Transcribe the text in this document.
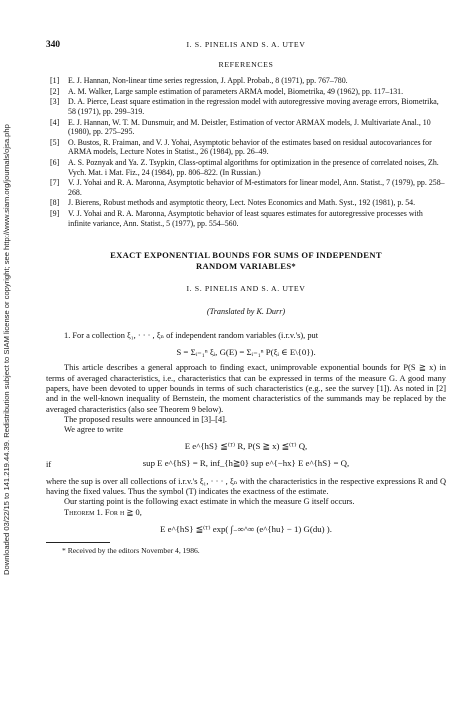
Downloaded 03/22/15 to 141.219.44.39. Redistribution subject to SIAM license or copyright; see http://www.siam.org/journals/ojsa.php
340	I. S. PINELIS AND S. A. UTEV
REFERENCES
[1] E. J. Hannan, Non-linear time series regression, J. Appl. Probab., 8 (1971), pp. 767–780.
[2] A. M. Walker, Large sample estimation of parameters ARMA model, Biometrika, 49 (1962), pp. 117–131.
[3] D. A. Pierce, Least square estimation in the regression model with autoregressive moving average errors, Biometrika, 58 (1971), pp. 299–319.
[4] E. J. Hannan, W. T. M. Dunsmuir, and M. Deistler, Estimation of vector ARMAX models, J. Multivariate Anal., 10 (1980), pp. 275–295.
[5] O. Bustos, R. Fraiman, and V. J. Yohai, Asymptotic behavior of the estimates based on residual autocovariances for ARMA models, Lecture Notes in Statist., 26 (1984), pp. 26–49.
[6] A. S. Poznyak and Ya. Z. Tsypkin, Class-optimal algorithms for optimization in the presence of correlated noises, Zh. Vych. Mat. i Mat. Fiz., 24 (1984), pp. 806–822. (In Russian.)
[7] V. J. Yohai and R. A. Maronna, Asymptotic behavior of M-estimators for linear model, Ann. Statist., 7 (1979), pp. 258–268.
[8] J. Bierens, Robust methods and asymptotic theory, Lect. Notes Economics and Math. Syst., 192 (1981), p. 54.
[9] V. J. Yohai and R. A. Maronna, Asymptotic behavior of least squares estimates for autoregressive processes with infinite variance, Ann. Statist., 5 (1977), pp. 554–560.
EXACT EXPONENTIAL BOUNDS FOR SUMS OF INDEPENDENT
RANDOM VARIABLES*
I. S. PINELIS AND S. A. UTEV
(Translated by K. Durr)

1. For a collection ξ₁, · · · , ξₙ of independent random variables (i.r.v.'s), put

S = Σᵢ₌₁ⁿ ξᵢ, G(E) = Σᵢ₌₁ⁿ P(ξᵢ ∈ E\{0}).

This article describes a general approach to finding exact, unimprovable exponential bounds for P(S ≧ x) in terms of averaged characteristics, i.e., characteristics that can be expressed in terms of the measure G. A good many papers, have been devoted to upper bounds in terms of such characteristics (e.g., see the survey [1]). As noted in [2] and in the well-known inequality of Bernstein, the moment characteristics of the summands may be replaced by the averaged characteristics (also see Theorem 9 below).

The proposed results were announced in [3]–[4].

We agree to write

E e^{hS} ≦⁽ᵀ⁾ R, P(S ≧ x) ≦⁽ᵀ⁾ Q,
if	sup E e^{hS} = R, inf_{h≧0} sup e^{−hx} E e^{hS} = Q,

where the sup is over all collections of i.r.v.'s ξ₁, · · · , ξₙ with the characteristics in the respective expressions R and Q having the fixed values. Thus the symbol (T) indicates the exactness of the estimate.

Our starting point is the following exact estimate in which the measure G itself occurs.

Theorem 1. For h ≧ 0,

E e^{hS} ≦⁽ᵀ⁾ exp( ∫₋∞^∞ (e^{hu} − 1) G(du) ).
* Received by the editors November 4, 1986.
